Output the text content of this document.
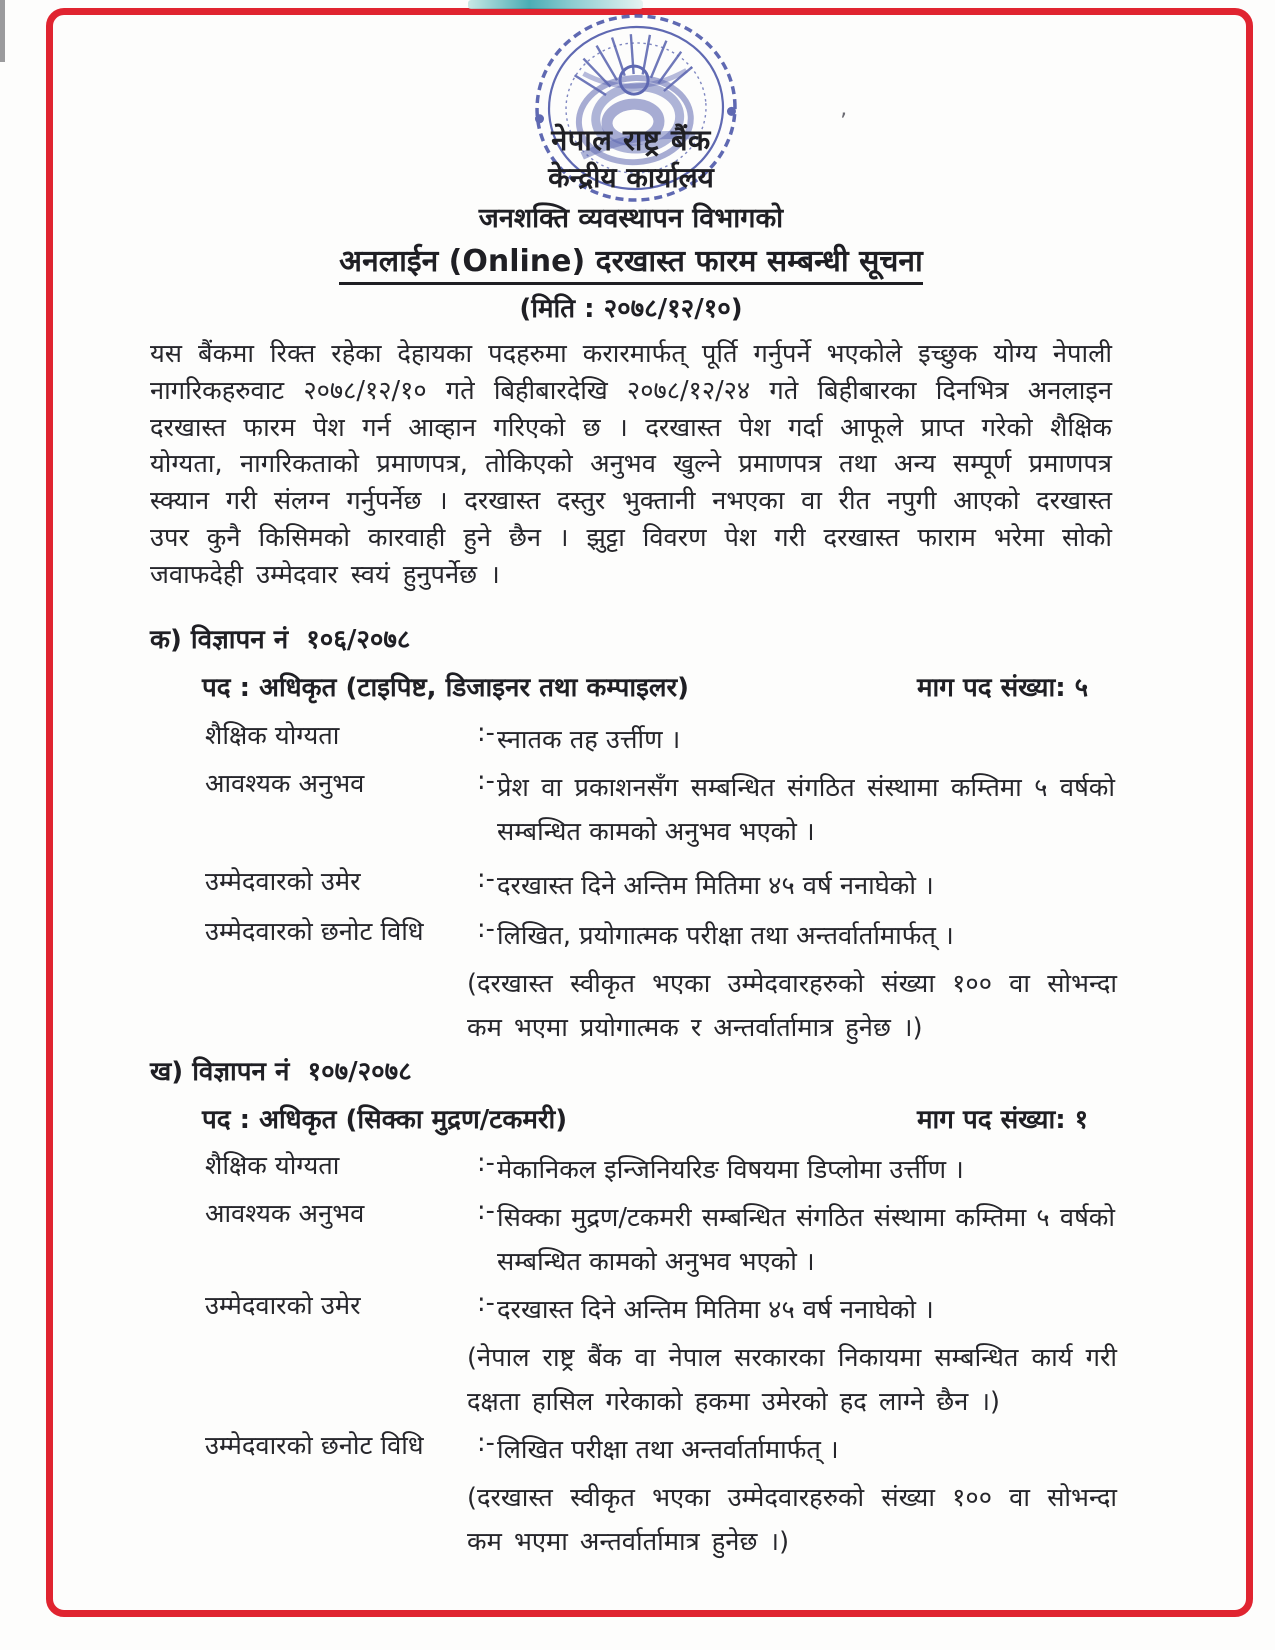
’
नेपाल राष्ट्र बैंक
केन्द्रीय कार्यालय
जनशक्ति व्यवस्थापन विभागको
अनलाईन (Online) दरखास्त फारम सम्बन्धी सूचना
(मिति : २०७८/१२/१०)
यस बैंकमा रिक्त रहेका देहायका पदहरुमा करारमार्फत् पूर्ति गर्नुपर्ने भएकोले इच्छुक योग्य नेपाली नागरिकहरुवाट २०७८/१२/१० गते बिहीबारदेखि २०७८/१२/२४ गते बिहीबारका दिनभित्र अनलाइन दरखास्त फारम पेश गर्न आव्हान गरिएको छ । दरखास्त पेश गर्दा आफूले प्राप्त गरेको शैक्षिक योग्यता, नागरिकताको प्रमाणपत्र, तोकिएको अनुभव खुल्ने प्रमाणपत्र तथा अन्य सम्पूर्ण प्रमाणपत्र स्क्यान गरी संलग्न गर्नुपर्नेछ । दरखास्त दस्तुर भुक्तानी नभएका वा रीत नपुगी आएको दरखास्त उपर कुनै किसिमको कारवाही हुने छैन । झुट्टा विवरण पेश गरी दरखास्त फाराम भरेमा सोको जवाफदेही उम्मेदवार स्वयं हुनुपर्नेछ ।
क) विज्ञापन नं  १०६/२०७८
पद : अधिकृत (टाइपिष्ट, डिजाइनर तथा कम्पाइलर)	माग पद संख्या: ५
शैक्षिक योग्यता	:- स्नातक तह उर्त्तीण ।
आवश्यक अनुभव	:- प्रेश वा प्रकाशनसँग सम्बन्धित संगठित संस्थामा कम्तिमा ५ वर्षको सम्बन्धित कामको अनुभव भएको ।
उम्मेदवारको उमेर	:- दरखास्त दिने अन्तिम मितिमा ४५ वर्ष ननाघेको ।
उम्मेदवारको छनोट विधि :- लिखित, प्रयोगात्मक परीक्षा तथा अन्तर्वार्तामार्फत् ।
(दरखास्त स्वीकृत भएका उम्मेदवारहरुको संख्या १०० वा सोभन्दा कम भएमा प्रयोगात्मक र अन्तर्वार्तामात्र हुनेछ ।)
ख) विज्ञापन नं  १०७/२०७८
पद : अधिकृत (सिक्का मुद्रण/टकमरी)	माग पद संख्या: १
शैक्षिक योग्यता	:- मेकानिकल इन्जिनियरिङ विषयमा डिप्लोमा उर्त्तीण ।
आवश्यक अनुभव	:- सिक्का मुद्रण/टकमरी सम्बन्धित संगठित संस्थामा कम्तिमा ५ वर्षको सम्बन्धित कामको अनुभव भएको ।
उम्मेदवारको उमेर	:- दरखास्त दिने अन्तिम मितिमा ४५ वर्ष ननाघेको ।
(नेपाल राष्ट्र बैंक वा नेपाल सरकारका निकायमा सम्बन्धित कार्य गरी दक्षता हासिल गरेकाको हकमा उमेरको हद लाग्ने छैन ।)
उम्मेदवारको छनोट विधि :- लिखित परीक्षा तथा अन्तर्वार्तामार्फत् ।
(दरखास्त स्वीकृत भएका उम्मेदवारहरुको संख्या १०० वा सोभन्दा कम भएमा अन्तर्वार्तामात्र हुनेछ ।)
